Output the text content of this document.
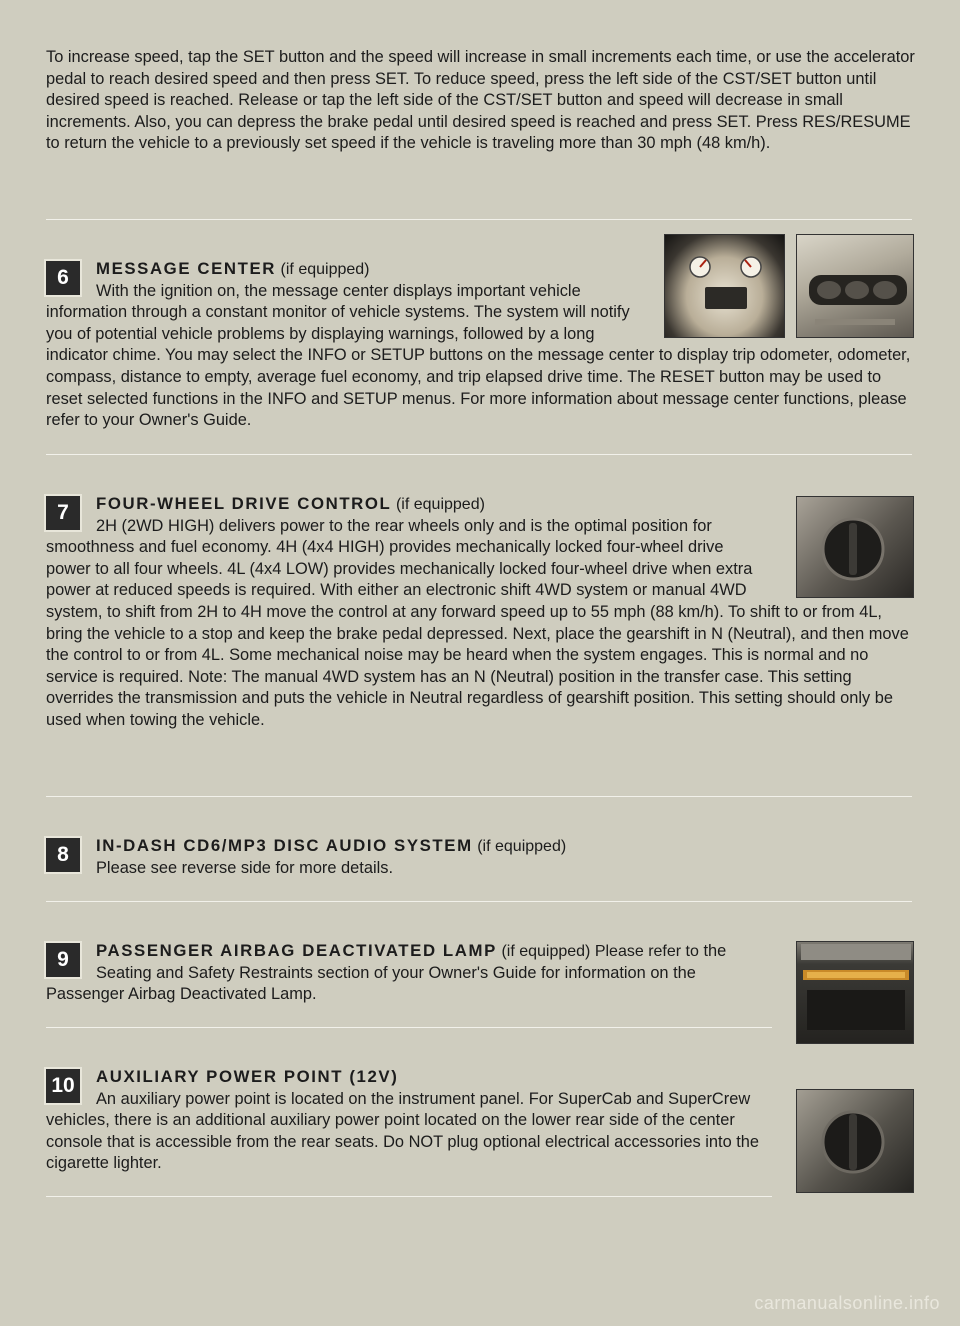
To increase speed, tap the SET button and the speed will increase in small increments each time, or use the accelerator pedal to reach desired speed and then press SET. To reduce speed, press the left side of the CST/SET button until desired speed is reached. Release or tap the left side of the CST/SET button and speed will decrease in small increments. Also, you can depress the brake pedal until desired speed is reached and press SET. Press RES/RESUME to return the vehicle to a previously set speed if the vehicle is traveling more than 30 mph (48 km/h).

6	MESSAGE CENTER (if equipped)
With the ignition on, the message center displays important vehicle information through a constant monitor of vehicle systems. The system will notify you of potential vehicle problems by displaying warnings, followed by a long indicator chime. You may select the INFO or SETUP buttons on the message center to display trip odometer, odometer, compass, distance to empty, average fuel economy, and trip elapsed drive time. The RESET button may be used to reset selected functions in the INFO and SETUP menus. For more information about message center functions, please refer to your Owner's Guide.

7	FOUR-WHEEL DRIVE CONTROL (if equipped)
2H (2WD HIGH) delivers power to the rear wheels only and is the optimal position for smoothness and fuel economy. 4H (4x4 HIGH) provides mechanically locked four-wheel drive power to all four wheels. 4L (4x4 LOW) provides mechanically locked four-wheel drive when extra power at reduced speeds is required. With either an electronic shift 4WD system or manual 4WD system, to shift from 2H to 4H move the control at any forward speed up to 55 mph (88 km/h). To shift to or from 4L, bring the vehicle to a stop and keep the brake pedal depressed. Next, place the gearshift in N (Neutral), and then move the control to or from 4L. Some mechanical noise may be heard when the system engages. This is normal and no service is required. Note: The manual 4WD system has an N (Neutral) position in the transfer case. This setting overrides the transmission and puts the vehicle in Neutral regardless of gearshift position. This setting should only be used when towing the vehicle.

8	IN-DASH CD6/MP3 DISC AUDIO SYSTEM (if equipped)
Please see reverse side for more details.

9	PASSENGER AIRBAG DEACTIVATED LAMP (if equipped) Please refer to the Seating and Safety Restraints section of your Owner's Guide for information on the Passenger Airbag Deactivated Lamp.

10	AUXILIARY POWER POINT (12V)
An auxiliary power point is located on the instrument panel. For SuperCab and SuperCrew vehicles, there is an additional auxiliary power point located on the lower rear side of the center console that is accessible from the rear seats. Do NOT plug optional electrical accessories into the cigarette lighter.

carmanualsonline.info
